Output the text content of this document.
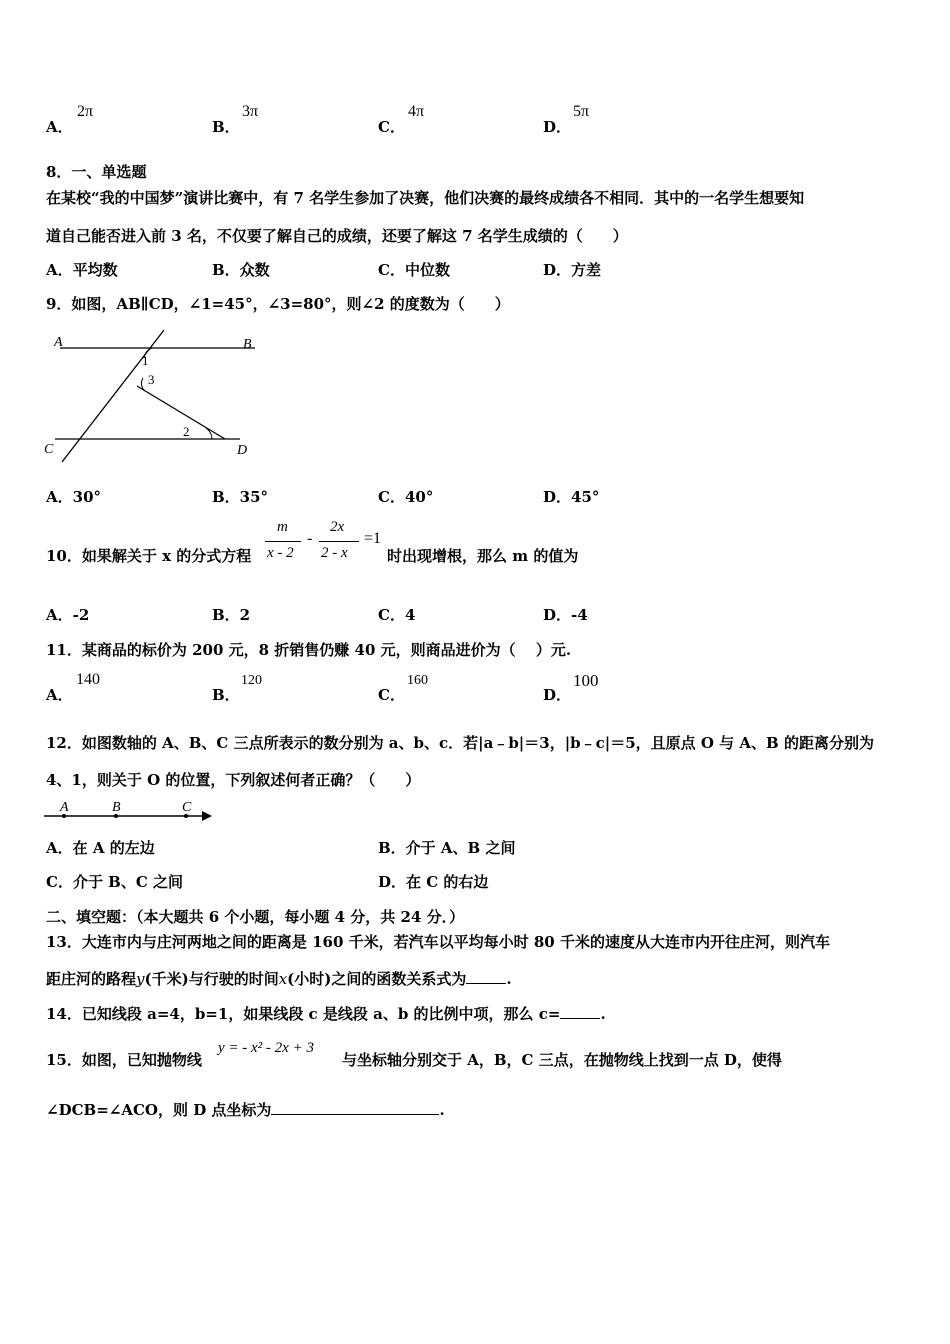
A．
2π
B．
3π
C．
4π
D．
5π
8．一、单选题
在某校“我的中国梦”演讲比赛中，有 7 名学生参加了决赛，他们决赛的最终成绩各不相同．其中的一名学生想要知
道自己能否进入前 3 名，不仅要了解自己的成绩，还要了解这 7 名学生成绩的（　　）
A．平均数	B．众数	C．中位数	D．方差
9．如图，AB∥CD，∠1=45°，∠3=80°，则∠2 的度数为（　　）
A	B
C	D
1
3
2
A．30°	B．35°	C．40°	D．45°
10．如果解关于 x 的分式方程
m
x - 2
-
2x
2 - x
=1
时出现增根，那么 m 的值为
A．-2	B．2	C．4	D．-4
11．某商品的标价为 200 元，8 折销售仍赚 40 元，则商品进价为（　 ）元.
A．
140
B．
120
C．
160
D．
100
12．如图数轴的 A、B、C 三点所表示的数分别为 a、b、c．若|a﹣b|＝3，|b﹣c|＝5，且原点 O 与 A、B 的距离分别为
4、1，则关于 O 的位置，下列叙述何者正确？（　　）
A	B	C
A．在 A 的左边	B．介于 A、B 之间
C．介于 B、C 之间	D．在 C 的右边
二、填空题：（本大题共 6 个小题，每小题 4 分，共 24 分．）
13．大连市内与庄河两地之间的距离是 160 千米，若汽车以平均每小时 80 千米的速度从大连市内开往庄河，则汽车
距庄河的路程y(千米)与行驶的时间x(小时)之间的函数关系式为	.
14．已知线段 a=4，b=1，如果线段 c 是线段 a、b 的比例中项，那么 c=	.
15．如图，已知抛物线
y = - x² - 2x + 3
与坐标轴分别交于 A，B，C 三点，在抛物线上找到一点 D，使得
∠DCB=∠ACO，则 D 点坐标为	.
